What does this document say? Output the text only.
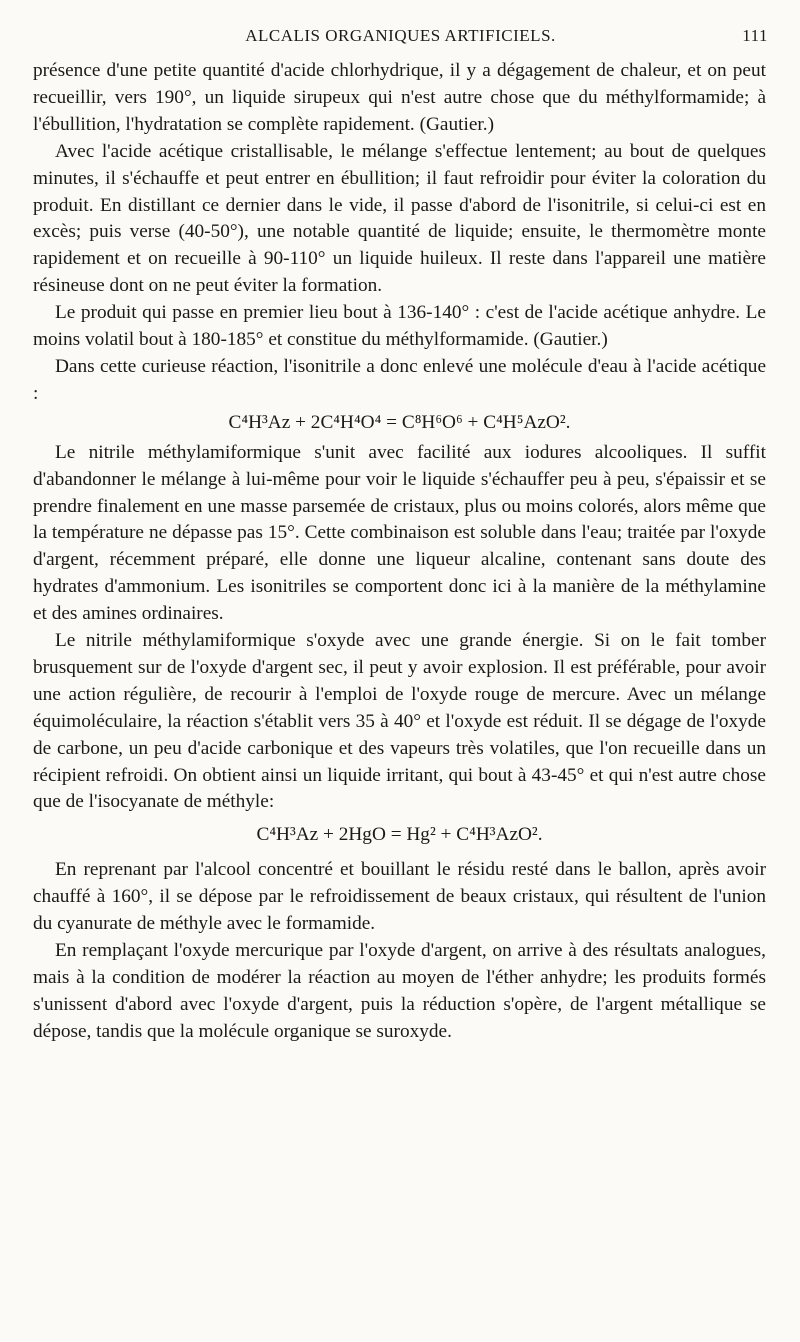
ALCALIS ORGANIQUES ARTIFICIELS.	111

présence d'une petite quantité d'acide chlorhydrique, il y a dégagement de chaleur, et on peut recueillir, vers 190°, un liquide sirupeux qui n'est autre chose que du méthylformamide; à l'ébullition, l'hydratation se complète rapidement. (Gautier.)

Avec l'acide acétique cristallisable, le mélange s'effectue lentement; au bout de quelques minutes, il s'échauffe et peut entrer en ébullition; il faut refroidir pour éviter la coloration du produit. En distillant ce dernier dans le vide, il passe d'abord de l'isonitrile, si celui-ci est en excès; puis verse (40-50°), une notable quantité de liquide; ensuite, le thermomètre monte rapidement et on recueille à 90-110° un liquide huileux. Il reste dans l'appareil une matière résineuse dont on ne peut éviter la formation.

Le produit qui passe en premier lieu bout à 136-140° : c'est de l'acide acétique anhydre. Le moins volatil bout à 180-185° et constitue du méthylformamide. (Gautier.)

Dans cette curieuse réaction, l'isonitrile a donc enlevé une molécule d'eau à l'acide acétique :

C⁴H³Az + 2C⁴H⁴O⁴ = C⁸H⁶O⁶ + C⁴H⁵AzO².

Le nitrile méthylamiformique s'unit avec facilité aux iodures alcooliques. Il suffit d'abandonner le mélange à lui-même pour voir le liquide s'échauffer peu à peu, s'épaissir et se prendre finalement en une masse parsemée de cristaux, plus ou moins colorés, alors même que la température ne dépasse pas 15°. Cette combinaison est soluble dans l'eau; traitée par l'oxyde d'argent, récemment préparé, elle donne une liqueur alcaline, contenant sans doute des hydrates d'ammonium. Les isonitriles se comportent donc ici à la manière de la méthylamine et des amines ordinaires.

Le nitrile méthylamiformique s'oxyde avec une grande énergie. Si on le fait tomber brusquement sur de l'oxyde d'argent sec, il peut y avoir explosion. Il est préférable, pour avoir une action régulière, de recourir à l'emploi de l'oxyde rouge de mercure. Avec un mélange équimoléculaire, la réaction s'établit vers 35 à 40° et l'oxyde est réduit. Il se dégage de l'oxyde de carbone, un peu d'acide carbonique et des vapeurs très volatiles, que l'on recueille dans un récipient refroidi. On obtient ainsi un liquide irritant, qui bout à 43-45° et qui n'est autre chose que de l'isocyanate de méthyle:

C⁴H³Az + 2HgO = Hg² + C⁴H³AzO².

En reprenant par l'alcool concentré et bouillant le résidu resté dans le ballon, après avoir chauffé à 160°, il se dépose par le refroidissement de beaux cristaux, qui résultent de l'union du cyanurate de méthyle avec le formamide.

En remplaçant l'oxyde mercurique par l'oxyde d'argent, on arrive à des résultats analogues, mais à la condition de modérer la réaction au moyen de l'éther anhydre; les produits formés s'unissent d'abord avec l'oxyde d'argent, puis la réduction s'opère, de l'argent métallique se dépose, tandis que la molécule organique se suroxyde.
